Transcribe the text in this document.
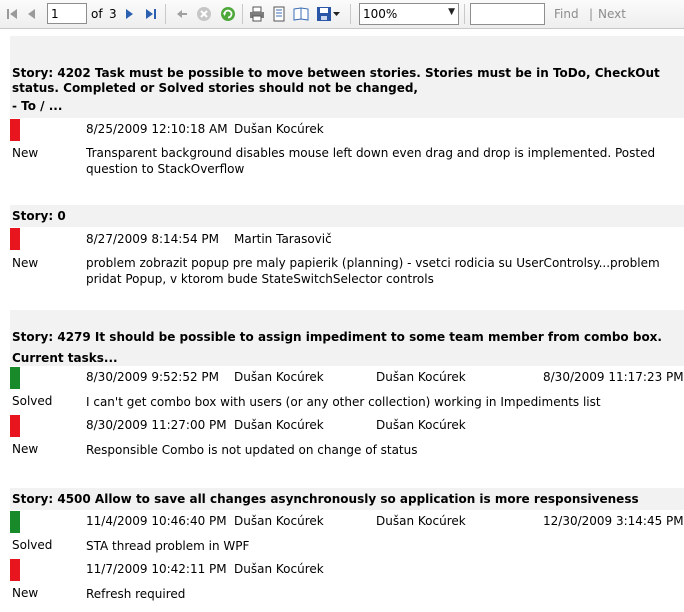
1
of 3	100%	▼	Find | Next
Story: 4202 Task must be possible to move between stories. Stories must be in ToDo, CheckOut status. Completed or Solved stories should not be changed,
- To / ...
8/25/2009 12:10:18 AM Dušan Kocúrek
New	Transparent background disables mouse left down even drag and drop is implemented. Posted question to StackOverflow
Story: 0
8/27/2009 8:14:54 PM Martin Tarasovič
New	problem zobrazit popup pre maly papierik (planning) - vsetci rodicia su UserControlsy...problem pridat Popup, v ktorom bude StateSwitchSelector controls
Story: 4279 It should be possible to assign impediment to some team member from combo box.
Current tasks...
8/30/2009 9:52:52 PM Dušan Kocúrek	Dušan Kocúrek	8/30/2009 11:17:23 PM
Solved	I can't get combo box with users (or any other collection) working in Impediments list
8/30/2009 11:27:00 PM Dušan Kocúrek	Dušan Kocúrek
New	Responsible Combo is not updated on change of status
Story: 4500 Allow to save all changes asynchronously so application is more responsiveness
11/4/2009 10:46:40 PM Dušan Kocúrek	Dušan Kocúrek	12/30/2009 3:14:45 PM
Solved	STA thread problem in WPF
11/7/2009 10:42:11 PM Dušan Kocúrek
New	Refresh required
